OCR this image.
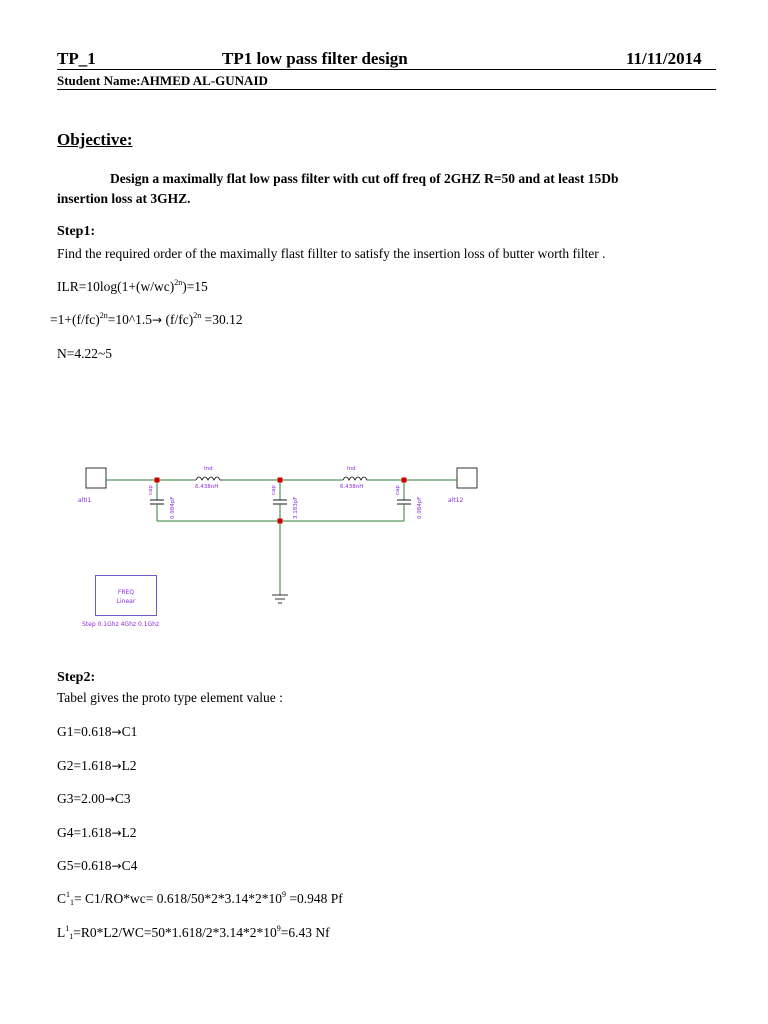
TP_1	TP1 low pass filter design	11/11/2014
Student Name:AHMED AL-GUNAID
Objective:
Design a maximally flat low pass filter with cut off freq of 2GHZ R=50 and at least 15Db
insertion loss at 3GHZ.
Step1:
Find the required order of the maximally flast fillter to satisfy the insertion loss of butter worth filter .
$ILR=10\log(1+(w/wc)^{2n})=15$
$=1+(f/fc)^{2n}=10\^{}1.5\to (f/fc)^{2n} =30.12$
N=4.22~5
altI1	alt12
Ind
6.438nH
Ind
6.438nH
cap
0.984pF
cap
3.183pF
cap
0.984pF
FREQ
Linear
Step 0.1Ghz 4Ghz 0.1Ghz
Step2:
Tabel gives the proto type element value :
G1=0.618→C1
G2=1.618→L2
G3=2.00→C3
G4=1.618→L2
G5=0.618→C4
$C^1_1= C1/RO*wc= 0.618/50*2*3.14*2*10^9 =0.948$ Pf
$L^1_1=R0*L2/WC=50*1.618/2*3.14*2*10^9=6.43$ Nf
